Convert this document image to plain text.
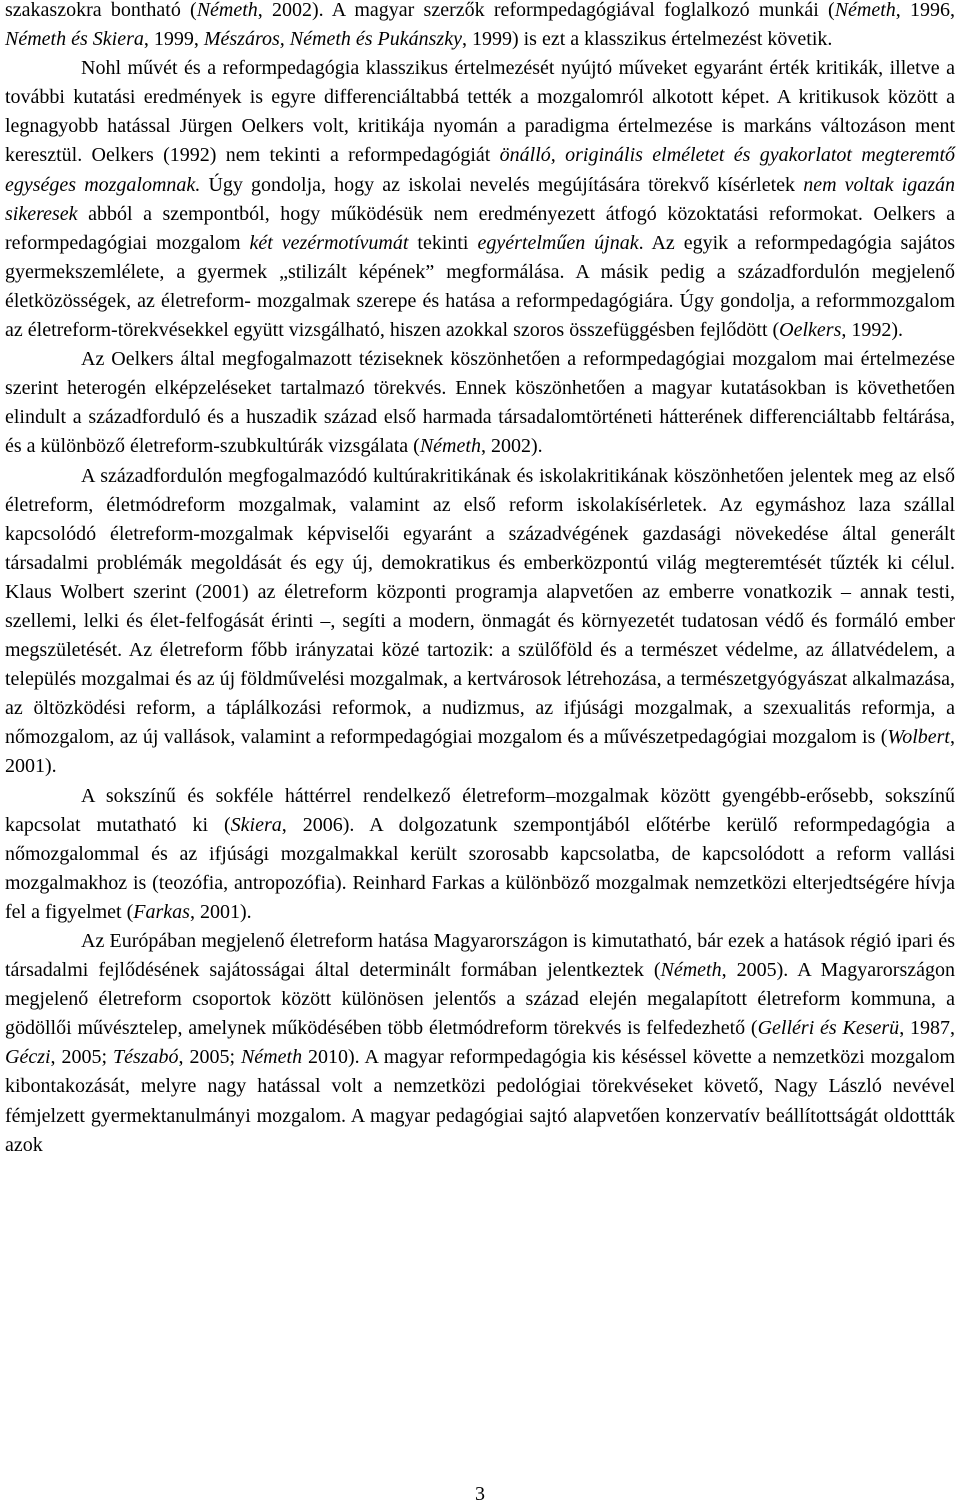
szakaszokra bontható (Németh, 2002). A magyar szerzők reformpedagógiával foglalkozó munkái (Németh, 1996, Németh és Skiera, 1999, Mészáros, Németh és Pukánszky, 1999) is ezt a klasszikus értelmezést követik.

Nohl művét és a reformpedagógia klasszikus értelmezését nyújtó műveket egyaránt érték kritikák, illetve a további kutatási eredmények is egyre differenciáltabbá tették a mozgalomról alkotott képet. A kritikusok között a legnagyobb hatással Jürgen Oelkers volt, kritikája nyomán a paradigma értelmezése is markáns változáson ment keresztül. Oelkers (1992) nem tekinti a reformpedagógiát önálló, originális elméletet és gyakorlatot megteremtő egységes mozgalomnak. Úgy gondolja, hogy az iskolai nevelés megújítására törekvő kísérletek nem voltak igazán sikeresek abból a szempontból, hogy működésük nem eredményezett átfogó közoktatási reformokat. Oelkers a reformpedagógiai mozgalom két vezérmotívumát tekinti egyértelműen újnak. Az egyik a reformpedagógia sajátos gyermekszemlélete, a gyermek „stilizált képének” megformálása. A másik pedig a századfordulón megjelenő életközösségek, az életreform- mozgalmak szerepe és hatása a reformpedagógiára. Úgy gondolja, a reformmozgalom az életreform-törekvésekkel együtt vizsgálható, hiszen azokkal szoros összefüggésben fejlődött (Oelkers, 1992).

Az Oelkers által megfogalmazott téziseknek köszönhetően a reformpedagógiai mozgalom mai értelmezése szerint heterogén elképzeléseket tartalmazó törekvés. Ennek köszönhetően a magyar kutatásokban is követhetően elindult a századforduló és a huszadik század első harmada társadalomtörténeti hátterének differenciáltabb feltárása, és a különböző életreform-szubkultúrák vizsgálata (Németh, 2002).

A századfordulón megfogalmazódó kultúrakritikának és iskolakritikának köszönhetően jelentek meg az első életreform, életmódreform mozgalmak, valamint az első reform iskolakísérletek. Az egymáshoz laza szállal kapcsolódó életreform-mozgalmak képviselői egyaránt a századvégének gazdasági növekedése által generált társadalmi problémák megoldását és egy új, demokratikus és emberközpontú világ megteremtését tűzték ki célul. Klaus Wolbert szerint (2001) az életreform központi programja alapvetően az emberre vonatkozik – annak testi, szellemi, lelki és élet-felfogását érinti –, segíti a modern, önmagát és környezetét tudatosan védő és formáló ember megszületését. Az életreform főbb irányzatai közé tartozik: a szülőföld és a természet védelme, az állatvédelem, a település mozgalmai és az új földművelési mozgalmak, a kertvárosok létrehozása, a természetgyógyászat alkalmazása, az öltözködési reform, a táplálkozási reformok, a nudizmus, az ifjúsági mozgalmak, a szexualitás reformja, a nőmozgalom, az új vallások, valamint a reformpedagógiai mozgalom és a művészetpedagógiai mozgalom is (Wolbert, 2001).

A sokszínű és sokféle háttérrel rendelkező életreform–mozgalmak között gyengébb-erősebb, sokszínű kapcsolat mutatható ki (Skiera, 2006). A dolgozatunk szempontjából előtérbe kerülő reformpedagógia a nőmozgalommal és az ifjúsági mozgalmakkal került szorosabb kapcsolatba, de kapcsolódott a reform vallási mozgalmakhoz is (teozófia, antropozófia). Reinhard Farkas a különböző mozgalmak nemzetközi elterjedtségére hívja fel a figyelmet (Farkas, 2001).

Az Európában megjelenő életreform hatása Magyarországon is kimutatható, bár ezek a hatások régió ipari és társadalmi fejlődésének sajátosságai által determinált formában jelentkeztek (Németh, 2005). A Magyarországon megjelenő életreform csoportok között különösen jelentős a század elején megalapított életreform kommuna, a gödöllői művésztelep, amelynek működésében több életmódreform törekvés is felfedezhető (Gelléri és Keserü, 1987, Géczi, 2005; Tészabó, 2005; Németh 2010). A magyar reformpedagógia kis késéssel követte a nemzetközi mozgalom kibontakozását, melyre nagy hatással volt a nemzetközi pedológiai törekvéseket követő, Nagy László nevével fémjelzett gyermektanulmányi mozgalom. A magyar pedagógiai sajtó alapvetően konzervatív beállítottságát oldottták azok

3
